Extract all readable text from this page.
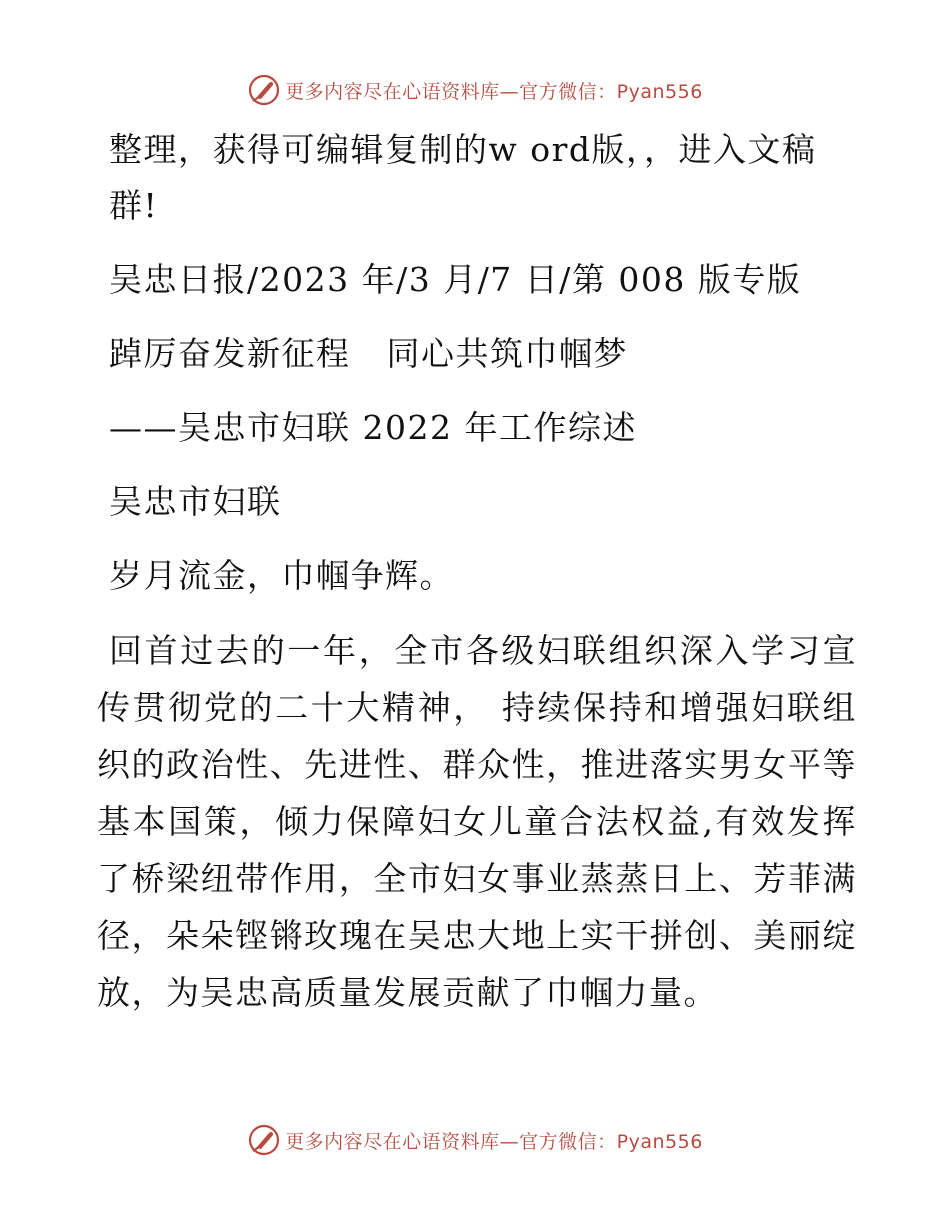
更多内容尽在心语资料库—官方微信：Pyan556

整理，获得可编辑复制的w ord版，，进入文稿群!

吴忠日报/2023 年/3 月/7 日/第 008 版专版

踔厉奋发新征程   同心共筑巾帼梦

——吴忠市妇联 2022 年工作综述

吴忠市妇联

岁月流金，巾帼争辉。

回首过去的一年，全市各级妇联组织深入学习宣传贯彻党的二十大精神， 持续保持和增强妇联组织的政治性、先进性、群众性，推进落实男女平等基本国策，倾力保障妇女儿童合法权益,有效发挥了桥梁纽带作用，全市妇女事业蒸蒸日上、芳菲满径，朵朵铿锵玫瑰在吴忠大地上实干拼创、美丽绽放，为吴忠高质量发展贡献了巾帼力量。

更多内容尽在心语资料库—官方微信：Pyan556
